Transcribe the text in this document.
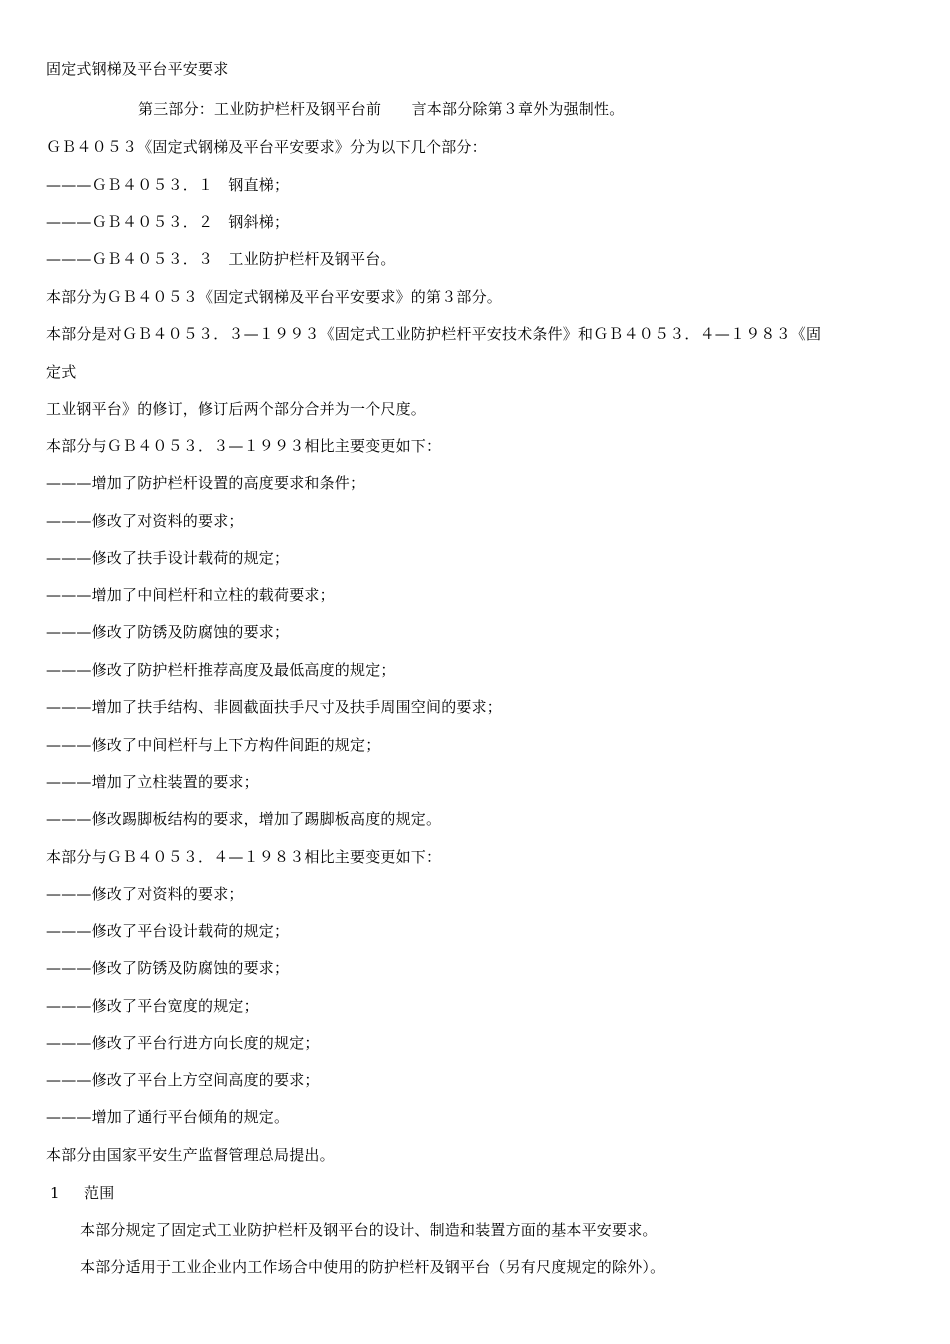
固定式钢梯及平台平安要求
第三部分：工业防护栏杆及钢平台前　　言本部分除第３章外为强制性。
ＧＢ４０５３《固定式钢梯及平台平安要求》分为以下几个部分：
———ＧＢ４０５３．１　钢直梯；
———ＧＢ４０５３．２　钢斜梯；
———ＧＢ４０５３．３　工业防护栏杆及钢平台。
本部分为ＧＢ４０５３《固定式钢梯及平台平安要求》的第３部分。
本部分是对ＧＢ４０５３．３—１９９３《固定式工业防护栏杆平安技术条件》和ＧＢ４０５３．４—１９８３《固
定式
工业钢平台》的修订，修订后两个部分合并为一个尺度。
本部分与ＧＢ４０５３．３—１９９３相比主要变更如下：
———增加了防护栏杆设置的高度要求和条件；
———修改了对资料的要求；
———修改了扶手设计载荷的规定；
———增加了中间栏杆和立柱的载荷要求；
———修改了防锈及防腐蚀的要求；
———修改了防护栏杆推荐高度及最低高度的规定；
———增加了扶手结构、非圆截面扶手尺寸及扶手周围空间的要求；
———修改了中间栏杆与上下方构件间距的规定；
———增加了立柱装置的要求；
———修改踢脚板结构的要求，增加了踢脚板高度的规定。
本部分与ＧＢ４０５３．４—１９８３相比主要变更如下：
———修改了对资料的要求；
———修改了平台设计载荷的规定；
———修改了防锈及防腐蚀的要求；
———修改了平台宽度的规定；
———修改了平台行进方向长度的规定；
———修改了平台上方空间高度的要求；
———增加了通行平台倾角的规定。
本部分由国家平安生产监督管理总局提出。
1 范围
本部分规定了固定式工业防护栏杆及钢平台的设计、制造和装置方面的基本平安要求。
本部分适用于工业企业内工作场合中使用的防护栏杆及钢平台（另有尺度规定的除外）。
